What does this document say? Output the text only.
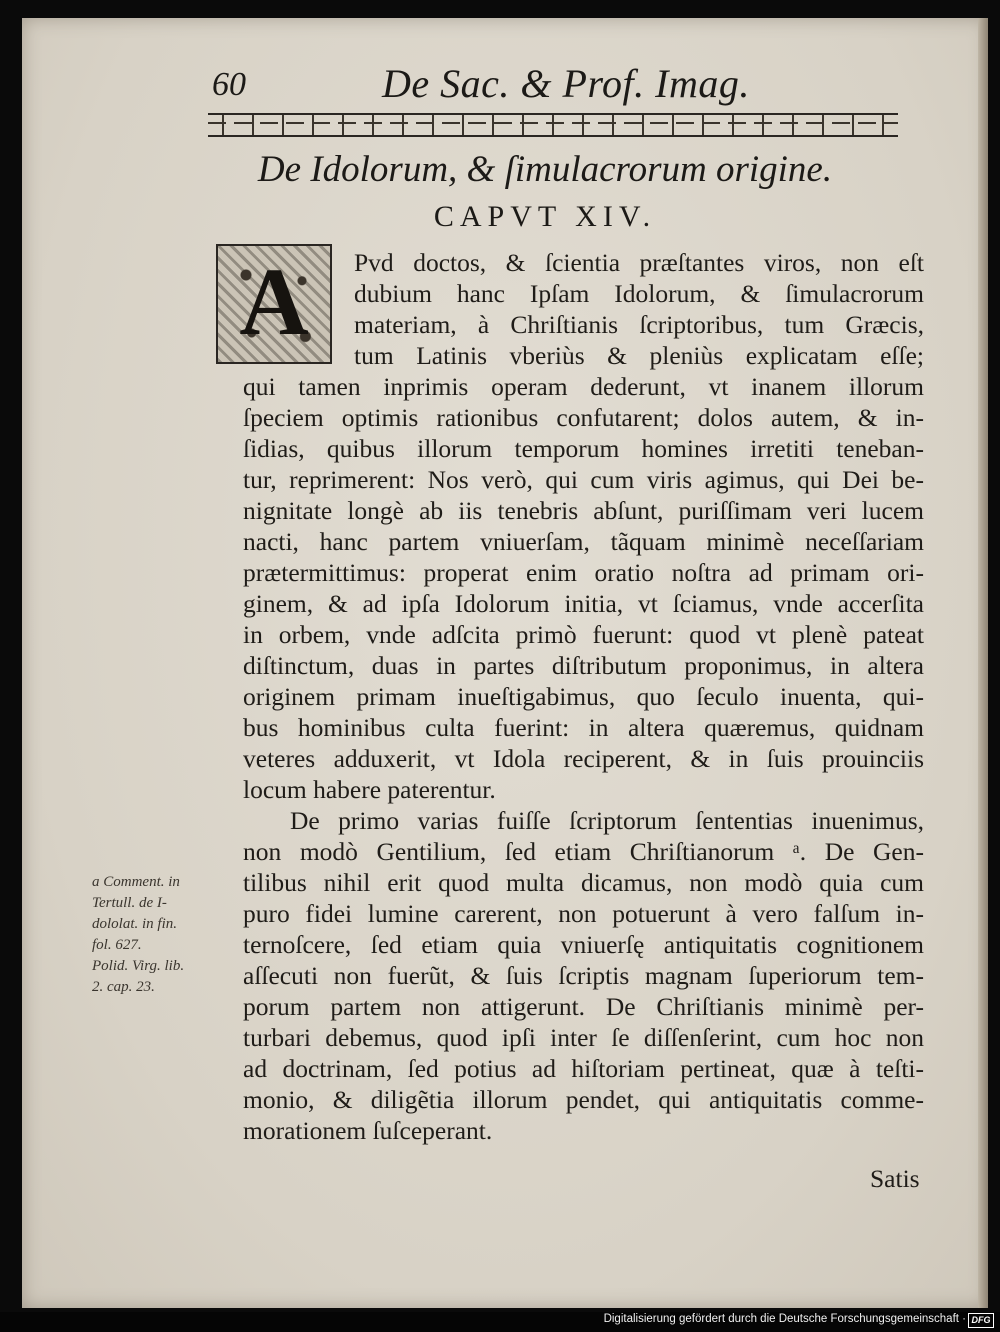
60	De Sac. & Prof. Imag.
De Idolorum, & ſimulacrorum origine.
CAPVT XIV.
A	Pvd doctos, & ſcientia præſtantes viros, non eſt
dubium hanc Ipſam Idolorum, & ſimulacrorum
materiam, à Chriſtianis ſcriptoribus, tum Græcis,
tum Latinis vberiùs & pleniùs explicatam eſſe;
qui tamen inprimis operam dederunt, vt inanem illorum
ſpeciem optimis rationibus confutarent; dolos autem, & in-
ſidias, quibus illorum temporum homines irretiti teneban-
tur, reprimerent: Nos verò, qui cum viris agimus, qui Dei be-
nignitate longè ab iis tenebris abſunt, puriſſimam veri lucem
nacti, hanc partem vniuerſam, tãquam minimè neceſſariam
prætermittimus: properat enim oratio noſtra ad primam ori-
ginem, & ad ipſa Idolorum initia, vt ſciamus, vnde accerſita
in orbem, vnde adſcita primò fuerunt: quod vt plenè pateat
diſtinctum, duas in partes diſtributum proponimus, in altera
originem primam inueſtigabimus, quo ſeculo inuenta, qui-
bus hominibus culta fuerint: in altera quæremus, quidnam
veteres adduxerit, vt Idola reciperent, & in ſuis prouinciis
locum habere paterentur.
De primo varias fuiſſe ſcriptorum ſententias inuenimus,
non modò Gentilium, ſed etiam Chriſtianorum ᵃ. De Gen-
tilibus nihil erit quod multa dicamus, non modò quia cum
puro fidei lumine carerent, non potuerunt à vero falſum in-
ternoſcere, ſed etiam quia vniuerſę antiquitatis cognitionem
aſſecuti non fuerũt, & ſuis ſcriptis magnam ſuperiorum tem-
porum partem non attigerunt. De Chriſtianis minimè per-
turbari debemus, quod ipſi inter ſe diſſenſerint, cum hoc non
ad doctrinam, ſed potius ad hiſtoriam pertineat, quæ à teſti-
monio, & diligẽtia illorum pendet, qui antiquitatis comme-
morationem ſuſceperant.
a Comment. in
Tertull. de I-
dololat. in fin.
fol. 627.
Polid. Virg. lib.
2. cap. 23.
Satis
Digitalisierung gefördert durch die Deutsche Forschungsgemeinschaft · DFG
